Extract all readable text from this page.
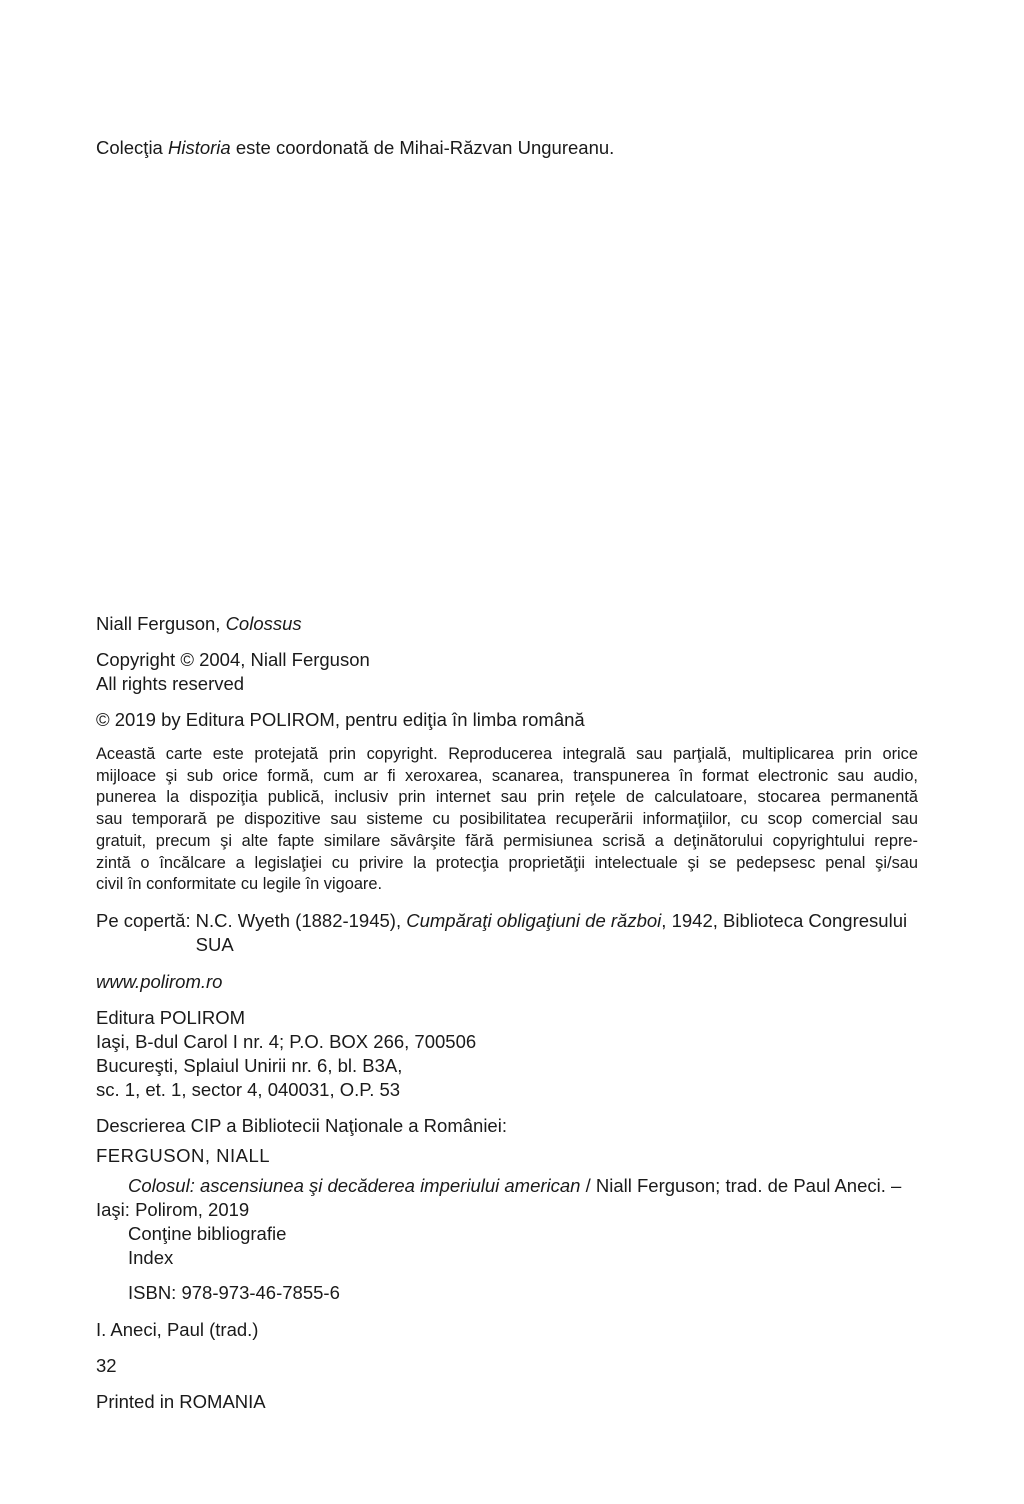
Colecţia Historia este coordonată de Mihai-Răzvan Ungureanu.
Niall Ferguson, Colossus
Copyright © 2004, Niall Ferguson
All rights reserved
© 2019 by Editura POLIROM, pentru ediţia în limba română
Această carte este protejată prin copyright. Reproducerea integrală sau parţială, multiplicarea prin orice
mijloace şi sub orice formă, cum ar fi xeroxarea, scanarea, transpunerea în format electronic sau audio,
punerea la dispoziţia publică, inclusiv prin internet sau prin reţele de calculatoare, stocarea permanentă
sau temporară pe dispozitive sau sisteme cu posibilitatea recuperării informaţiilor, cu scop comercial sau
gratuit, precum şi alte fapte similare săvârşite fără permisiunea scrisă a deţinătorului copyrightului repre-
zintă o încălcare a legislaţiei cu privire la protecţia proprietăţii intelectuale şi se pedepsesc penal şi/sau
civil în conformitate cu legile în vigoare.
Pe copertă: N.C. Wyeth (1882-1945), Cumpăraţi obligaţiuni de război, 1942, Biblioteca Congresului
SUA
www.polirom.ro
Editura POLIROM
Iaşi, B-dul Carol I nr. 4; P.O. BOX 266, 700506
Bucureşti, Splaiul Unirii nr. 6, bl. B3A,
sc. 1, et. 1, sector 4, 040031, O.P. 53
Descrierea CIP a Bibliotecii Naţionale a României:
FERGUSON, NIALL
Colosul: ascensiunea şi decăderea imperiului american / Niall Ferguson; trad. de Paul Aneci. –
Iaşi: Polirom, 2019
Conţine bibliografie
Index
ISBN: 978-973-46-7855-6
I. Aneci, Paul (trad.)
32
Printed in ROMANIA
